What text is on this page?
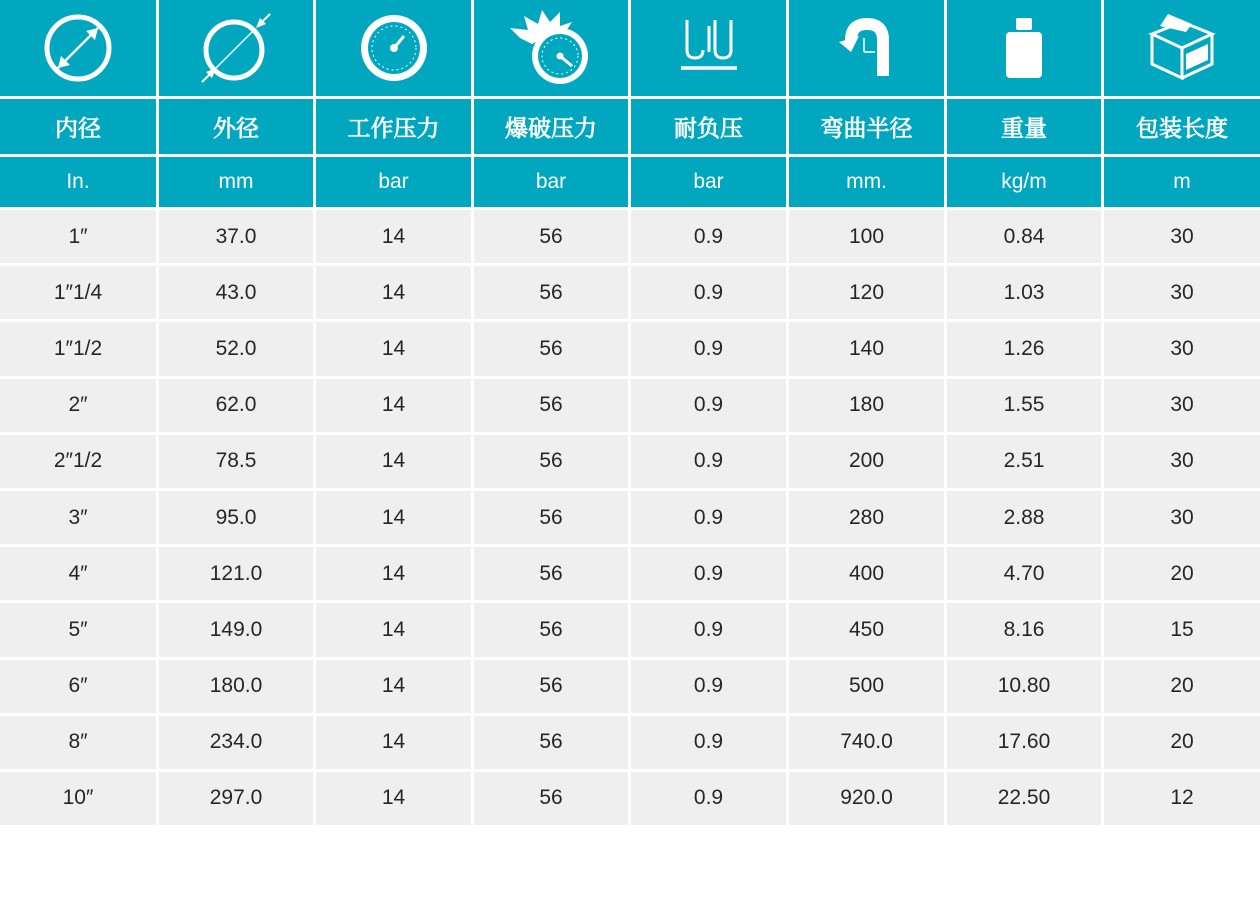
内径	外径	工作压力	爆破压力	耐负压	弯曲半径	重量	包装长度
In.	mm	bar	bar	bar	mm.	kg/m	m
1″	37.0	14	56	0.9	100	0.84	30
1″1/4	43.0	14	56	0.9	120	1.03	30
1″1/2	52.0	14	56	0.9	140	1.26	30
2″	62.0	14	56	0.9	180	1.55	30
2″1/2	78.5	14	56	0.9	200	2.51	30
3″	95.0	14	56	0.9	280	2.88	30
4″	121.0	14	56	0.9	400	4.70	20
5″	149.0	14	56	0.9	450	8.16	15
6″	180.0	14	56	0.9	500	10.80	20
8″	234.0	14	56	0.9	740.0	17.60	20
10″	297.0	14	56	0.9	920.0	22.50	12
